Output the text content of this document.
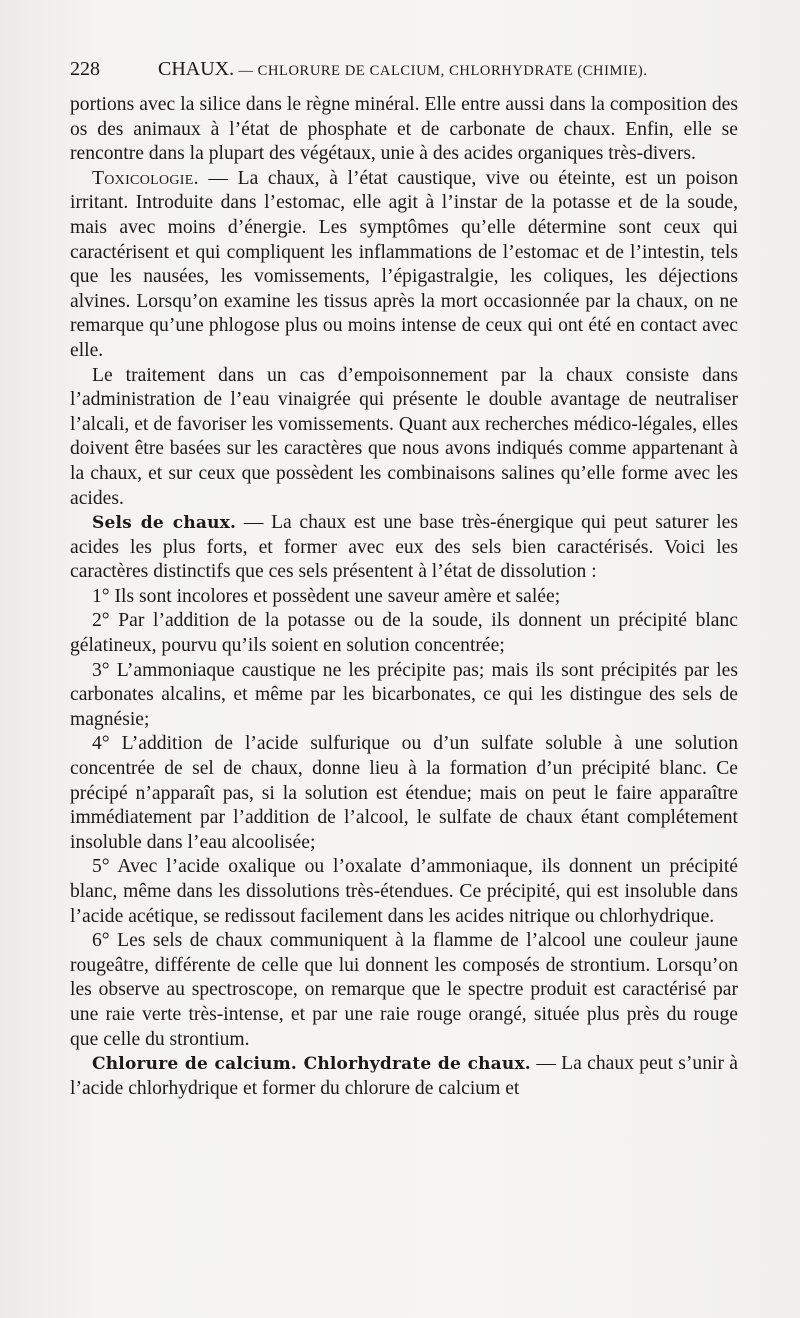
228	CHAUX. — CHLORURE DE CALCIUM, CHLORHYDRATE (CHIMIE).

portions avec la silice dans le règne minéral. Elle entre aussi dans la composition des os des animaux à l’état de phosphate et de carbonate de chaux. Enfin, elle se rencontre dans la plupart des végétaux, unie à des acides organiques très-divers.

Toxicologie. — La chaux, à l’état caustique, vive ou éteinte, est un poison irritant. Introduite dans l’estomac, elle agit à l’instar de la potasse et de la soude, mais avec moins d’énergie. Les symptômes qu’elle détermine sont ceux qui caractérisent et qui compliquent les inflammations de l’estomac et de l’intestin, tels que les nausées, les vomissements, l’épigastralgie, les coliques, les déjections alvines. Lorsqu’on examine les tissus après la mort occasionnée par la chaux, on ne remarque qu’une phlogose plus ou moins intense de ceux qui ont été en contact avec elle.

Le traitement dans un cas d’empoisonnement par la chaux consiste dans l’administration de l’eau vinaigrée qui présente le double avantage de neutraliser l’alcali, et de favoriser les vomissements. Quant aux recherches médico-légales, elles doivent être basées sur les caractères que nous avons indiqués comme appartenant à la chaux, et sur ceux que possèdent les combinaisons salines qu’elle forme avec les acides.

Sels de chaux. — La chaux est une base très-énergique qui peut saturer les acides les plus forts, et former avec eux des sels bien caractérisés. Voici les caractères distinctifs que ces sels présentent à l’état de dissolution :

1° Ils sont incolores et possèdent une saveur amère et salée;

2° Par l’addition de la potasse ou de la soude, ils donnent un précipité blanc gélatineux, pourvu qu’ils soient en solution concentrée;

3° L’ammoniaque caustique ne les précipite pas; mais ils sont précipités par les carbonates alcalins, et même par les bicarbonates, ce qui les distingue des sels de magnésie;

4° L’addition de l’acide sulfurique ou d’un sulfate soluble à une solution concentrée de sel de chaux, donne lieu à la formation d’un précipité blanc. Ce précipé n’apparaît pas, si la solution est étendue; mais on peut le faire apparaître immédiatement par l’addition de l’alcool, le sulfate de chaux étant complétement insoluble dans l’eau alcoolisée;

5° Avec l’acide oxalique ou l’oxalate d’ammoniaque, ils donnent un précipité blanc, même dans les dissolutions très-étendues. Ce précipité, qui est insoluble dans l’acide acétique, se redissout facilement dans les acides nitrique ou chlorhydrique.

6° Les sels de chaux communiquent à la flamme de l’alcool une couleur jaune rougeâtre, différente de celle que lui donnent les composés de strontium. Lorsqu’on les observe au spectroscope, on remarque que le spectre produit est caractérisé par une raie verte très-intense, et par une raie rouge orangé, située plus près du rouge que celle du strontium.

Chlorure de calcium. Chlorhydrate de chaux. — La chaux peut s’unir à l’acide chlorhydrique et former du chlorure de calcium et
